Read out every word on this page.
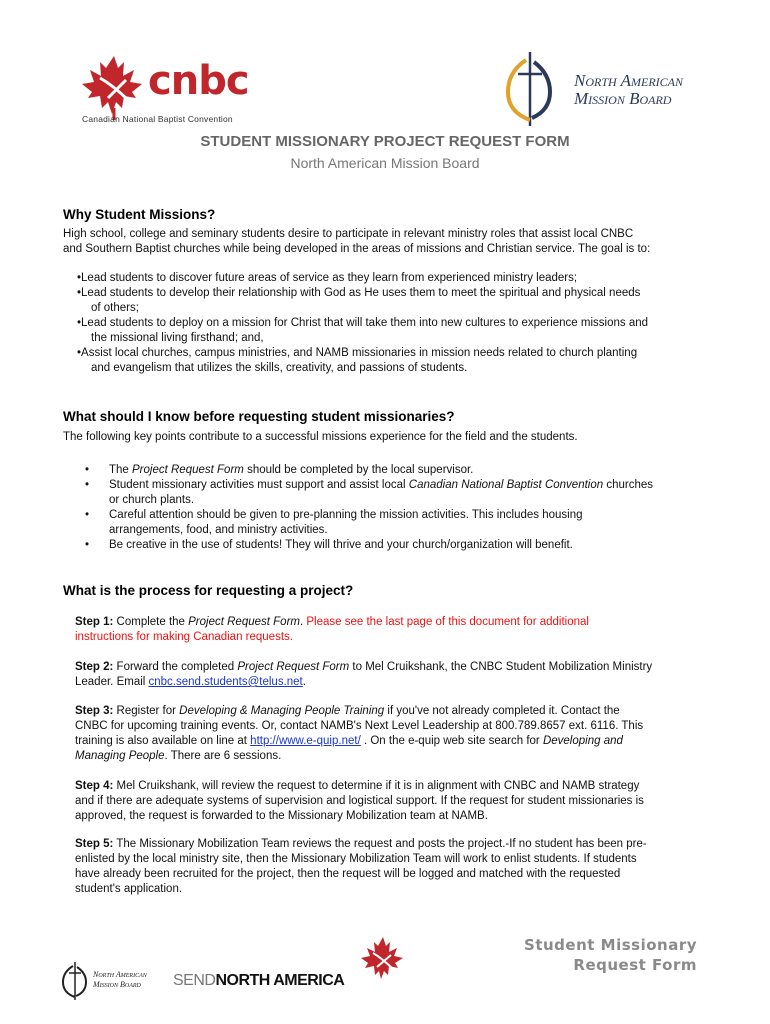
cnbc
Canadian National Baptist Convention
North American
Mission Board
STUDENT MISSIONARY PROJECT REQUEST FORM
North American Mission Board
Why Student Missions?
High school, college and seminary students desire to participate in relevant ministry roles that assist local CNBC
and Southern Baptist churches while being developed in the areas of missions and Christian service. The goal is to:
•Lead students to discover future areas of service as they learn from experienced ministry leaders;
•Lead students to develop their relationship with God as He uses them to meet the spiritual and physical needs
of others;
•Lead students to deploy on a mission for Christ that will take them into new cultures to experience missions and
the missional living firsthand; and,
•Assist local churches, campus ministries, and NAMB missionaries in mission needs related to church planting
and evangelism that utilizes the skills, creativity, and passions of students.
What should I know before requesting student missionaries?
The following key points contribute to a successful missions experience for the field and the students.
• The Project Request Form should be completed by the local supervisor.
• Student missionary activities must support and assist local Canadian National Baptist Convention churches
or church plants.
• Careful attention should be given to pre-planning the mission activities. This includes housing
arrangements, food, and ministry activities.
• Be creative in the use of students! They will thrive and your church/organization will benefit.
What is the process for requesting a project?
Step 1: Complete the Project Request Form. Please see the last page of this document for additional
instructions for making Canadian requests.
Step 2: Forward the completed Project Request Form to Mel Cruikshank, the CNBC Student Mobilization Ministry
Leader. Email cnbc.send.students@telus.net.
Step 3: Register for Developing & Managing People Training if you've not already completed it. Contact the
CNBC for upcoming training events. Or, contact NAMB's Next Level Leadership at 800.789.8657 ext. 6116. This
training is also available on line at http://www.e-quip.net/ . On the e-quip web site search for Developing and
Managing People. There are 6 sessions.
Step 4: Mel Cruikshank, will review the request to determine if it is in alignment with CNBC and NAMB strategy
and if there are adequate systems of supervision and logistical support. If the request for student missionaries is
approved, the request is forwarded to the Missionary Mobilization team at NAMB.
Step 5: The Missionary Mobilization Team reviews the request and posts the project.-If no student has been pre-
enlisted by the local ministry site, then the Missionary Mobilization Team will work to enlist students. If students
have already been recruited for the project, then the request will be logged and matched with the requested
student's application.
North American
Mission Board	SENDNORTH AMERICA
Student Missionary
Request Form
